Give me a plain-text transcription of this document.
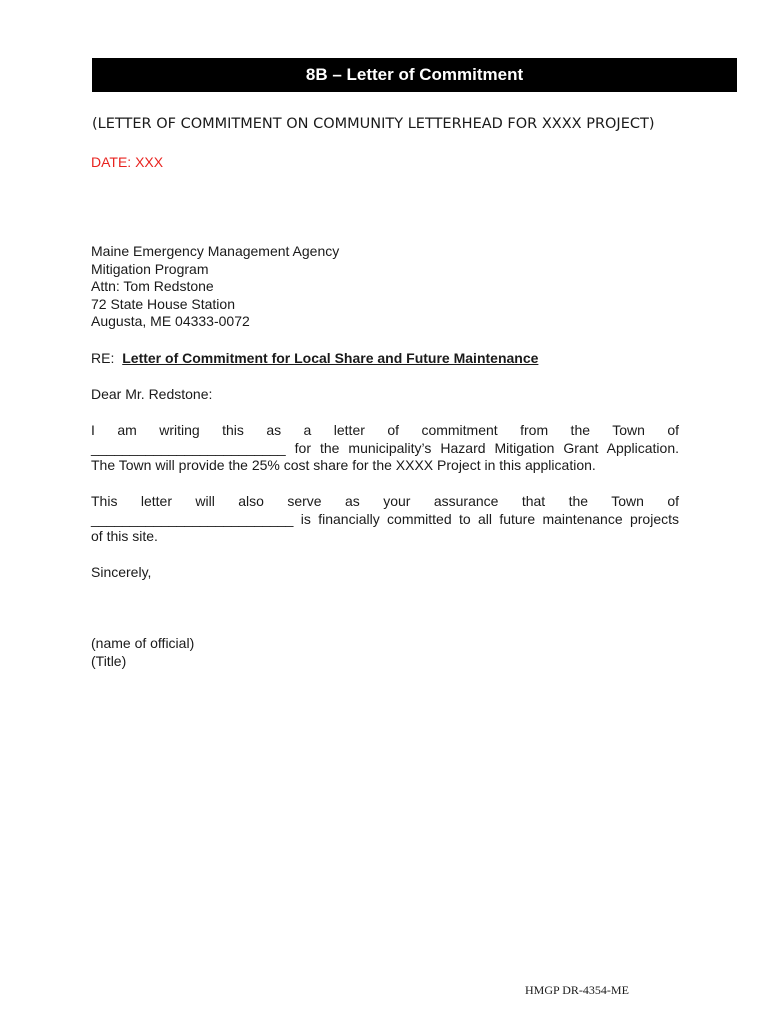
8B – Letter of Commitment
(LETTER OF COMMITMENT ON COMMUNITY LETTERHEAD FOR XXXX PROJECT)
DATE: XXX
Maine Emergency Management Agency
Mitigation Program
Attn: Tom Redstone
72 State House Station
Augusta, ME 04333-0072
RE: Letter of Commitment for Local Share and Future Maintenance
Dear Mr. Redstone:
I am writing this as a letter of commitment from the Town of
_________________________ for the municipality’s Hazard Mitigation Grant Application.
The Town will provide the 25% cost share for the XXXX Project in this application.
This letter will also serve as your assurance that the Town of
__________________________ is financially committed to all future maintenance projects
of this site.
Sincerely,
(name of official)
(Title)
HMGP DR-4354-ME
